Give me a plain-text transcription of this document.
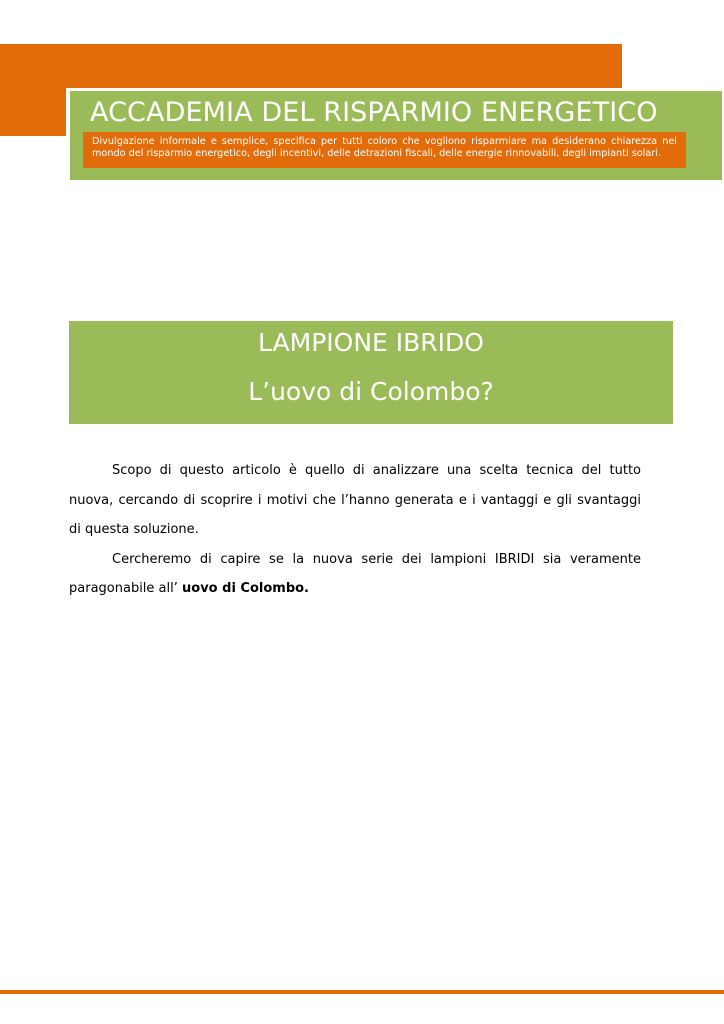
ACCADEMIA DEL RISPARMIO ENERGETICO
Divulgazione informale e semplice, specifica per tutti coloro che vogliono risparmiare ma desiderano chiarezza nel mondo del risparmio energetico, degli incentivi, delle detrazioni fiscali, delle energie rinnovabili, degli impianti solari.
LAMPIONE IBRIDO
L’uovo di Colombo?

Scopo di questo articolo è quello di analizzare una scelta tecnica del tutto nuova, cercando di scoprire i motivi che l’hanno generata e i vantaggi e gli svantaggi di questa soluzione.

Cercheremo di capire se la nuova serie dei lampioni IBRIDI sia veramente paragonabile all’ uovo di Colombo.
